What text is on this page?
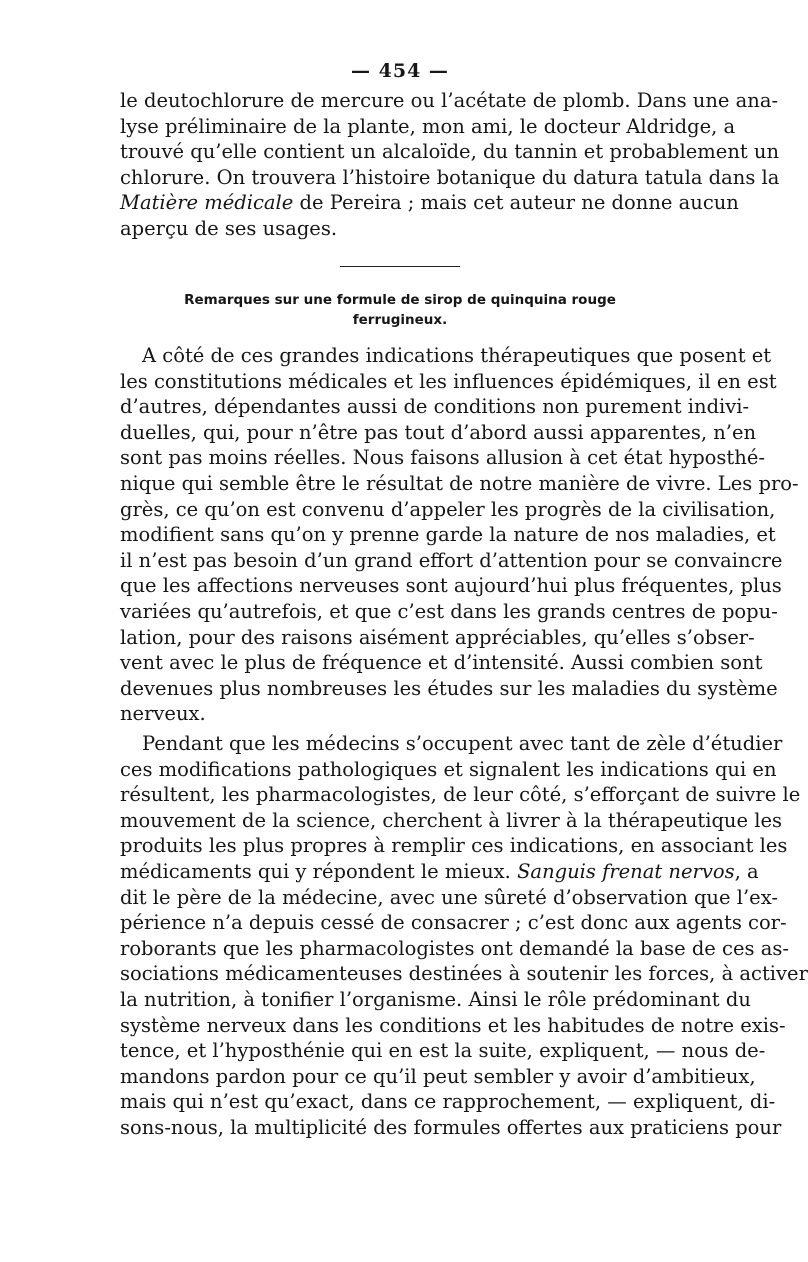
— 454 —
le deutochlorure de mercure ou l’acétate de plomb. Dans une ana-
lyse préliminaire de la plante, mon ami, le docteur Aldridge, a
trouvé qu’elle contient un alcaloïde, du tannin et probablement un
chlorure. On trouvera l’histoire botanique du datura tatula dans la
Matière médicale de Pereira ; mais cet auteur ne donne aucun
aperçu de ses usages.
Remarques sur une formule de sirop de quinquina rouge
ferrugineux.
A côté de ces grandes indications thérapeutiques que posent et
les constitutions médicales et les influences épidémiques, il en est
d’autres, dépendantes aussi de conditions non purement indivi-
duelles, qui, pour n’être pas tout d’abord aussi apparentes, n’en
sont pas moins réelles. Nous faisons allusion à cet état hyposthé-
nique qui semble être le résultat de notre manière de vivre. Les pro-
grès, ce qu’on est convenu d’appeler les progrès de la civilisation,
modifient sans qu’on y prenne garde la nature de nos maladies, et
il n’est pas besoin d’un grand effort d’attention pour se convaincre
que les affections nerveuses sont aujourd’hui plus fréquentes, plus
variées qu’autrefois, et que c’est dans les grands centres de popu-
lation, pour des raisons aisément appréciables, qu’elles s’obser-
vent avec le plus de fréquence et d’intensité. Aussi combien sont
devenues plus nombreuses les études sur les maladies du système
nerveux.
Pendant que les médecins s’occupent avec tant de zèle d’étudier
ces modifications pathologiques et signalent les indications qui en
résultent, les pharmacologistes, de leur côté, s’efforçant de suivre le
mouvement de la science, cherchent à livrer à la thérapeutique les
produits les plus propres à remplir ces indications, en associant les
médicaments qui y répondent le mieux. Sanguis frenat nervos, a
dit le père de la médecine, avec une sûreté d’observation que l’ex-
périence n’a depuis cessé de consacrer ; c’est donc aux agents cor-
roborants que les pharmacologistes ont demandé la base de ces as-
sociations médicamenteuses destinées à soutenir les forces, à activer
la nutrition, à tonifier l’organisme. Ainsi le rôle prédominant du
système nerveux dans les conditions et les habitudes de notre exis-
tence, et l’hyposthénie qui en est la suite, expliquent, — nous de-
mandons pardon pour ce qu’il peut sembler y avoir d’ambitieux,
mais qui n’est qu’exact, dans ce rapprochement, — expliquent, di-
sons-nous, la multiplicité des formules offertes aux praticiens pour
